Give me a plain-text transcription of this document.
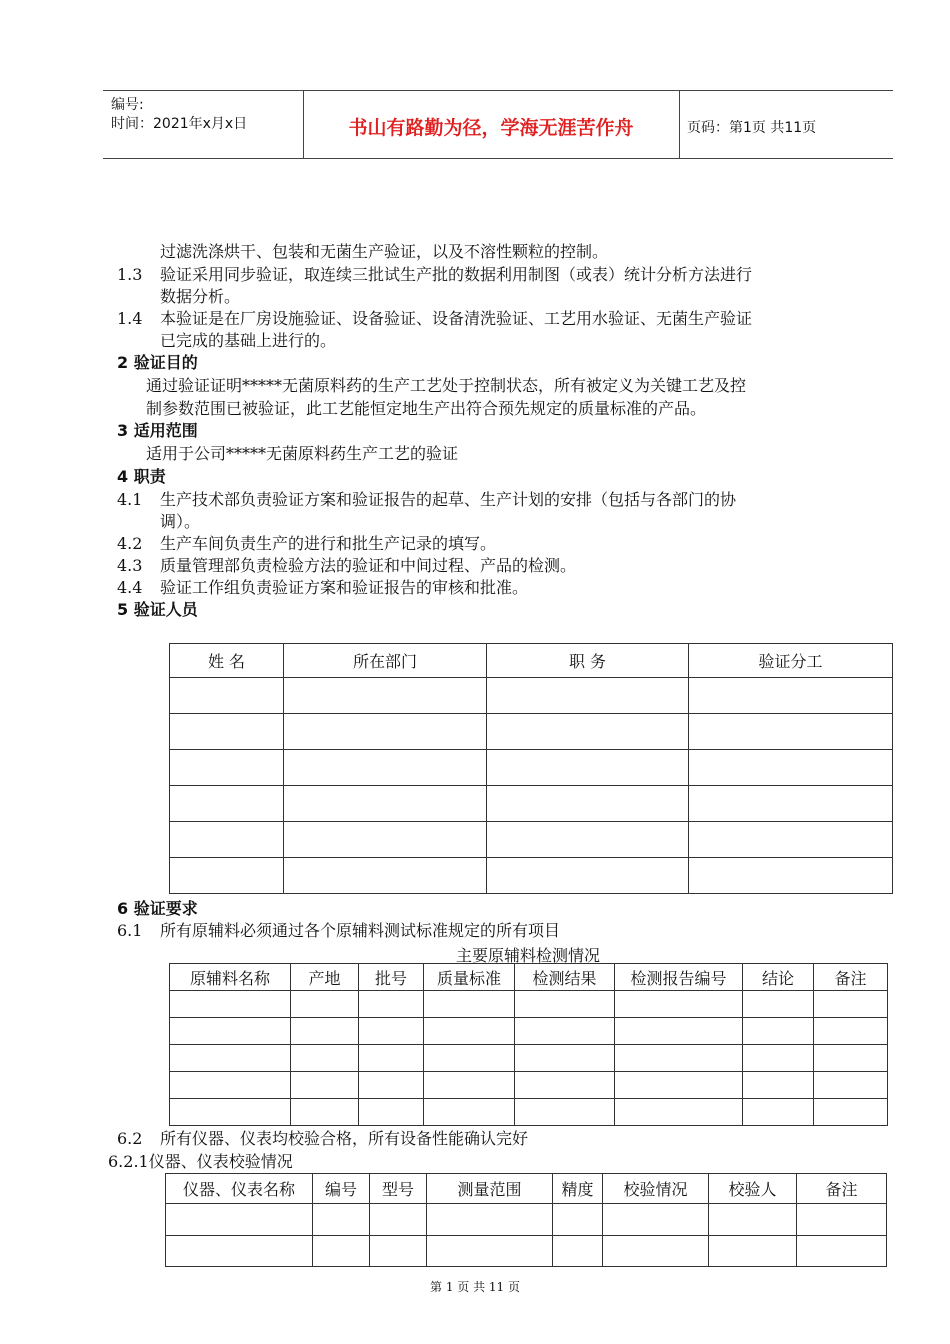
编号:
时间：2021年x月x日	书山有路勤为径，学海无涯苦作舟	页码：第1页 共11页
过滤洗涤烘干、包装和无菌生产验证，以及不溶性颗粒的控制。
1.3 验证采用同步验证，取连续三批试生产批的数据利用制图（或表）统计分析方法进行
数据分析。
1.4 本验证是在厂房设施验证、设备验证、设备清洗验证、工艺用水验证、无菌生产验证
已完成的基础上进行的。
2 验证目的
通过验证证明*****无菌原料药的生产工艺处于控制状态，所有被定义为关键工艺及控
制参数范围已被验证，此工艺能恒定地生产出符合预先规定的质量标准的产品。
3 适用范围
适用于公司*****无菌原料药生产工艺的验证
4 职责
4.1 生产技术部负责验证方案和验证报告的起草、生产计划的安排（包括与各部门的协
调）。
4.2 生产车间负责生产的进行和批生产记录的填写。
4.3 质量管理部负责检验方法的验证和中间过程、产品的检测。
4.4 验证工作组负责验证方案和验证报告的审核和批准。
5 验证人员
姓 名	所在部门	职 务	验证分工

6 验证要求
6.1 所有原辅料必须通过各个原辅料测试标准规定的所有项目
主要原辅料检测情况
原辅料名称	产地	批号	质量标准	检测结果	检测报告编号	结论	备注

6.2 所有仪器、仪表均校验合格，所有设备性能确认完好
6.2.1仪器、仪表校验情况
仪器、仪表名称	编号	型号	测量范围	精度	校验情况	校验人	备注

第 1 页 共 11 页
